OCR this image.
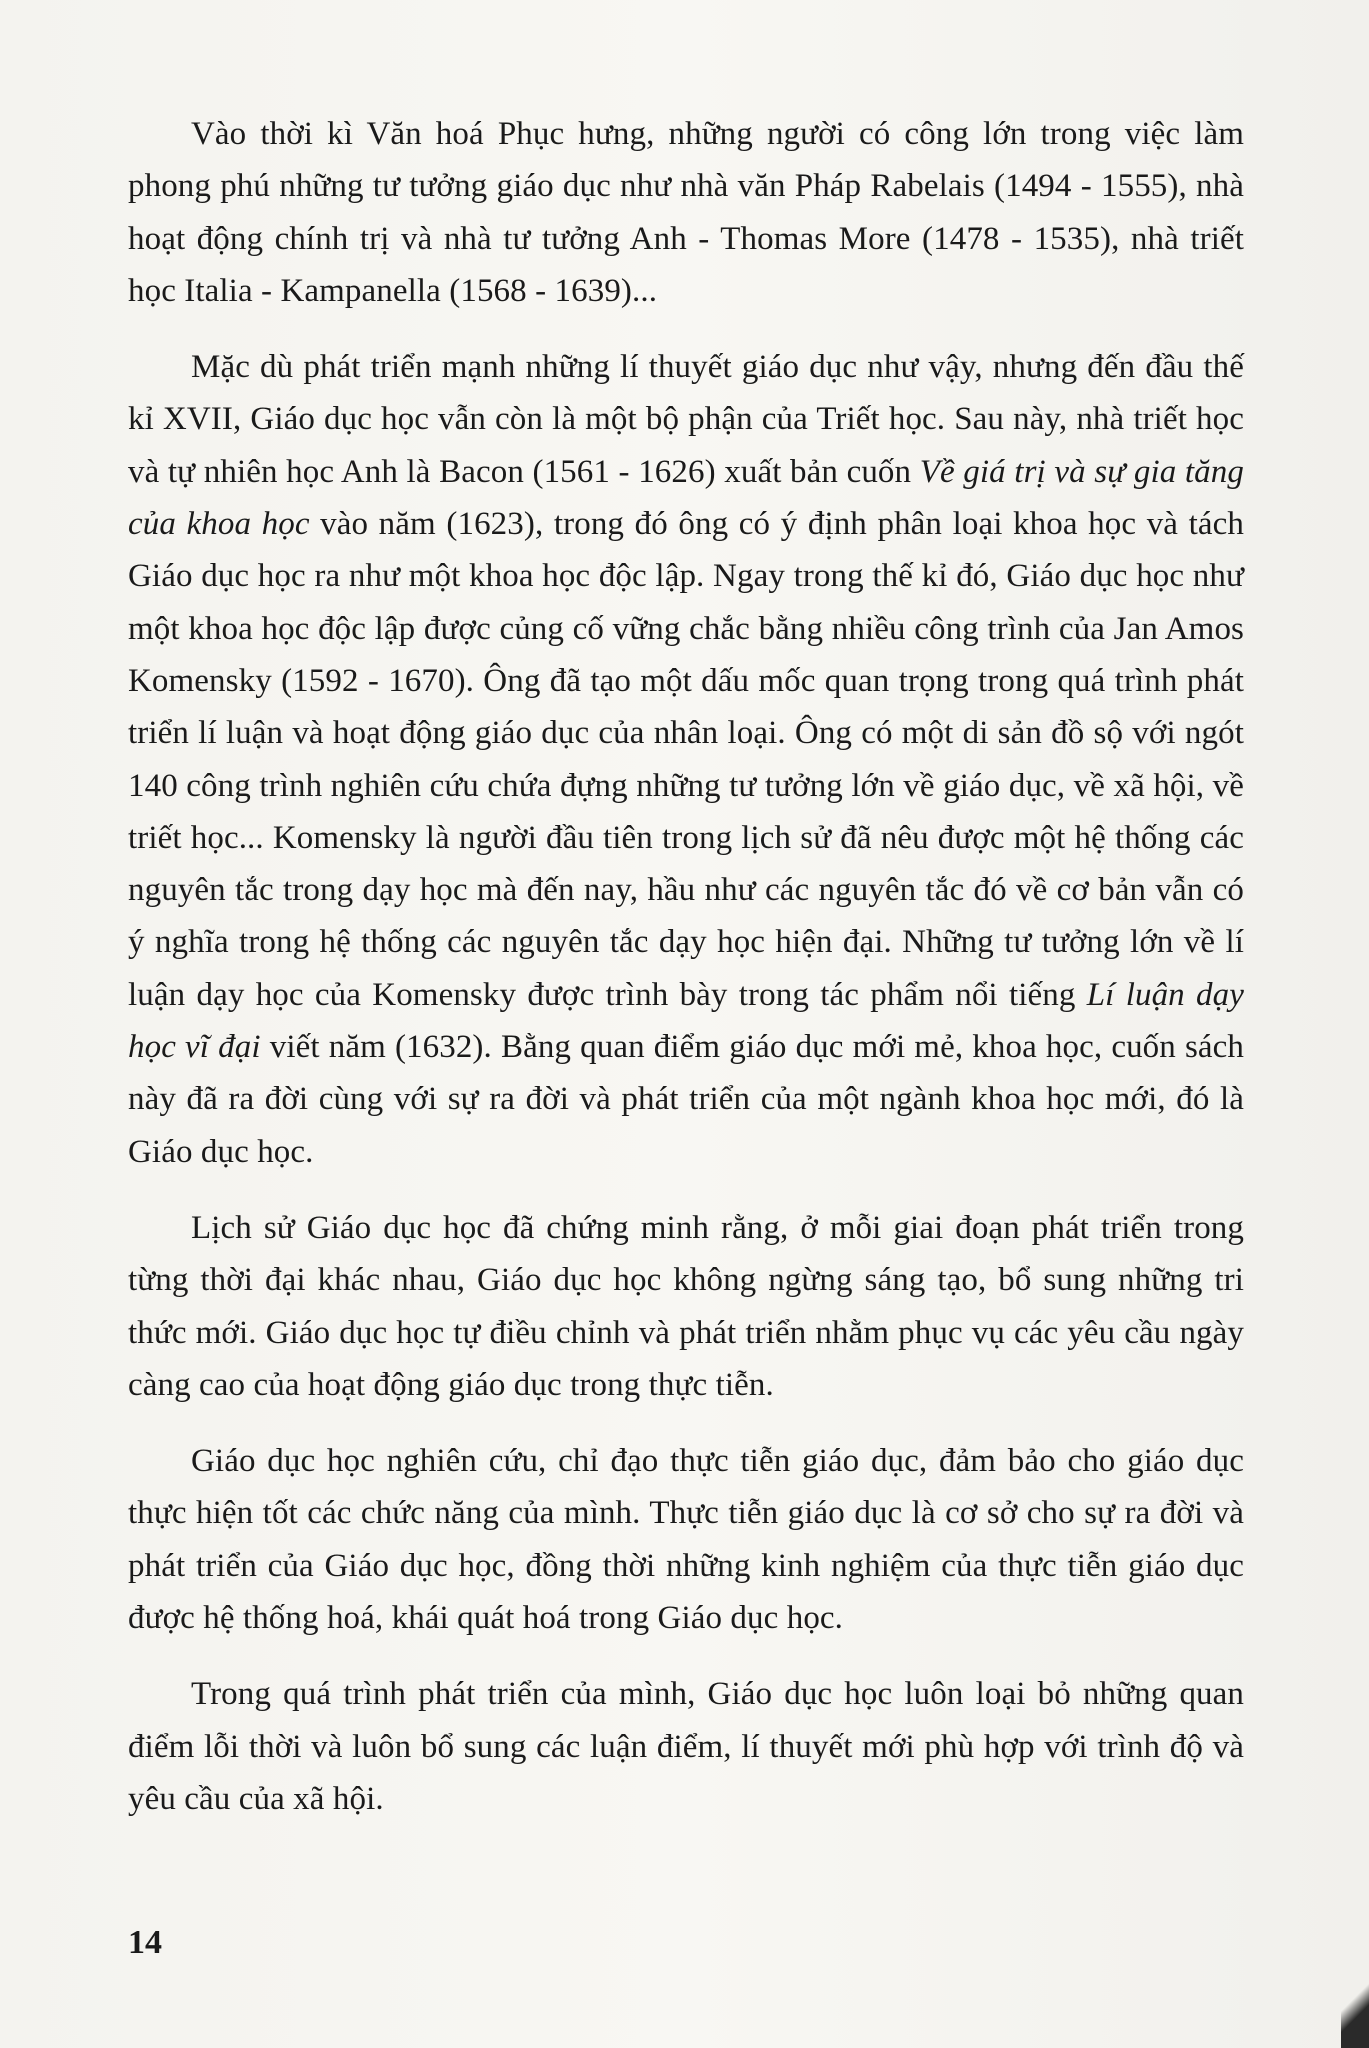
Vào thời kì Văn hoá Phục hưng, những người có công lớn trong việc làm phong phú những tư tưởng giáo dục như nhà văn Pháp Rabelais (1494 - 1555), nhà hoạt động chính trị và nhà tư tưởng Anh - Thomas More (1478 - 1535), nhà triết học Italia - Kampanella (1568 - 1639)...

Mặc dù phát triển mạnh những lí thuyết giáo dục như vậy, nhưng đến đầu thế kỉ XVII, Giáo dục học vẫn còn là một bộ phận của Triết học. Sau này, nhà triết học và tự nhiên học Anh là Bacon (1561 - 1626) xuất bản cuốn Về giá trị và sự gia tăng của khoa học vào năm (1623), trong đó ông có ý định phân loại khoa học và tách Giáo dục học ra như một khoa học độc lập. Ngay trong thế kỉ đó, Giáo dục học như một khoa học độc lập được củng cố vững chắc bằng nhiều công trình của Jan Amos Komensky (1592 - 1670). Ông đã tạo một dấu mốc quan trọng trong quá trình phát triển lí luận và hoạt động giáo dục của nhân loại. Ông có một di sản đồ sộ với ngót 140 công trình nghiên cứu chứa đựng những tư tưởng lớn về giáo dục, về xã hội, về triết học... Komensky là người đầu tiên trong lịch sử đã nêu được một hệ thống các nguyên tắc trong dạy học mà đến nay, hầu như các nguyên tắc đó về cơ bản vẫn có ý nghĩa trong hệ thống các nguyên tắc dạy học hiện đại. Những tư tưởng lớn về lí luận dạy học của Komensky được trình bày trong tác phẩm nổi tiếng Lí luận dạy học vĩ đại viết năm (1632). Bằng quan điểm giáo dục mới mẻ, khoa học, cuốn sách này đã ra đời cùng với sự ra đời và phát triển của một ngành khoa học mới, đó là Giáo dục học.

Lịch sử Giáo dục học đã chứng minh rằng, ở mỗi giai đoạn phát triển trong từng thời đại khác nhau, Giáo dục học không ngừng sáng tạo, bổ sung những tri thức mới. Giáo dục học tự điều chỉnh và phát triển nhằm phục vụ các yêu cầu ngày càng cao của hoạt động giáo dục trong thực tiễn.

Giáo dục học nghiên cứu, chỉ đạo thực tiễn giáo dục, đảm bảo cho giáo dục thực hiện tốt các chức năng của mình. Thực tiễn giáo dục là cơ sở cho sự ra đời và phát triển của Giáo dục học, đồng thời những kinh nghiệm của thực tiễn giáo dục được hệ thống hoá, khái quát hoá trong Giáo dục học.

Trong quá trình phát triển của mình, Giáo dục học luôn loại bỏ những quan điểm lỗi thời và luôn bổ sung các luận điểm, lí thuyết mới phù hợp với trình độ và yêu cầu của xã hội.

14
